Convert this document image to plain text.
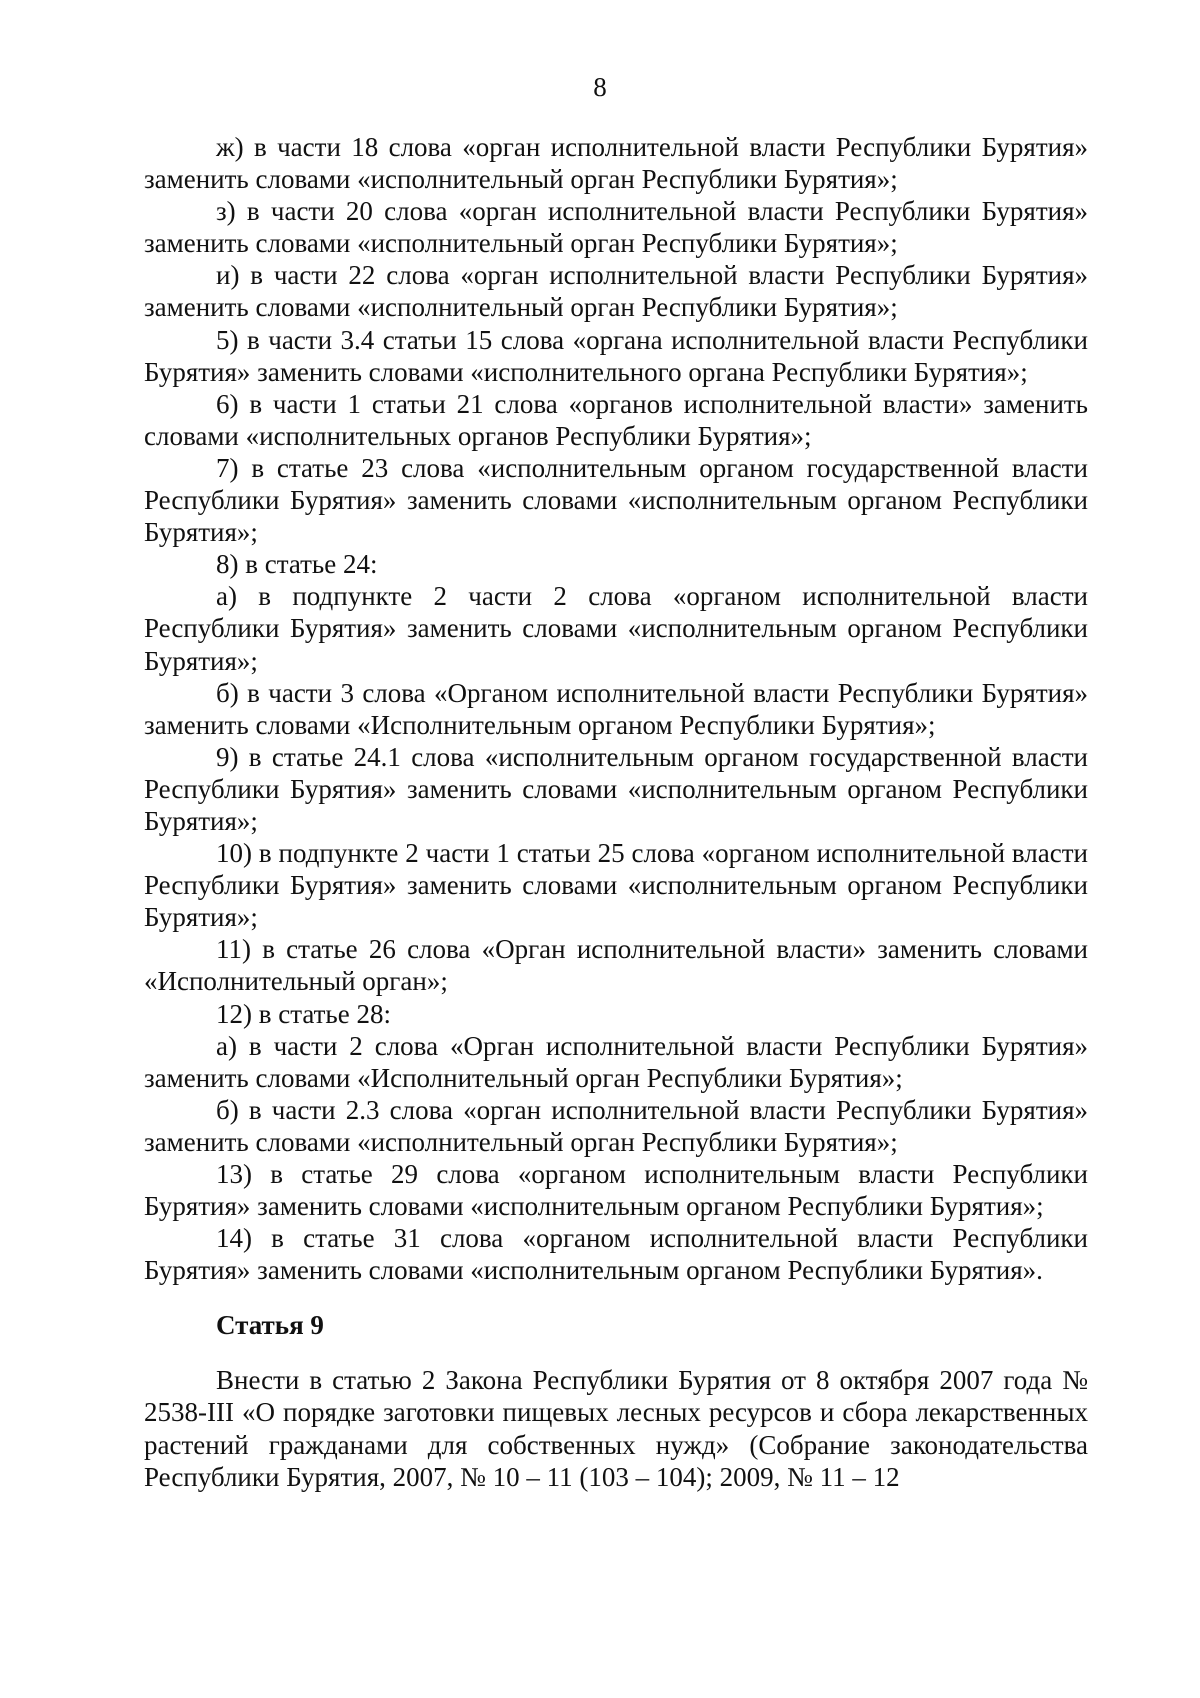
8

ж) в части 18 слова «орган исполнительной власти Республики Бурятия» заменить словами «исполнительный орган Республики Бурятия»;

з) в части 20 слова «орган исполнительной власти Республики Бурятия» заменить словами «исполнительный орган Республики Бурятия»;

и) в части 22 слова «орган исполнительной власти Республики Бурятия» заменить словами «исполнительный орган Республики Бурятия»;

5) в части 3.4 статьи 15 слова «органа исполнительной власти Республики Бурятия» заменить словами «исполнительного органа Республики Бурятия»;

6) в части 1 статьи 21 слова «органов исполнительной власти» заменить словами «исполнительных органов Республики Бурятия»;

7) в статье 23 слова «исполнительным органом государственной власти Республики Бурятия» заменить словами «исполнительным органом Республики Бурятия»;

8) в статье 24:

а) в подпункте 2 части 2 слова «органом исполнительной власти Республики Бурятия» заменить словами «исполнительным органом Республики Бурятия»;

б) в части 3 слова «Органом исполнительной власти Республики Бурятия» заменить словами «Исполнительным органом Республики Бурятия»;

9) в статье 24.1 слова «исполнительным органом государственной власти Республики Бурятия» заменить словами «исполнительным органом Республики Бурятия»;

10) в подпункте 2 части 1 статьи 25 слова «органом исполнительной власти Республики Бурятия» заменить словами «исполнительным органом Республики Бурятия»;

11) в статье 26 слова «Орган исполнительной власти» заменить словами «Исполнительный орган»;

12) в статье 28:

а) в части 2 слова «Орган исполнительной власти Республики Бурятия» заменить словами «Исполнительный орган Республики Бурятия»;

б) в части 2.3 слова «орган исполнительной власти Республики Бурятия» заменить словами «исполнительный орган Республики Бурятия»;

13) в статье 29 слова «органом исполнительным власти Республики Бурятия» заменить словами «исполнительным органом Республики Бурятия»;

14) в статье 31 слова «органом исполнительной власти Республики Бурятия» заменить словами «исполнительным органом Республики Бурятия».

Статья 9

Внести в статью 2 Закона Республики Бурятия от 8 октября 2007 года № 2538-III «О порядке заготовки пищевых лесных ресурсов и сбора лекарственных растений гражданами для собственных нужд» (Собрание законодательства Республики Бурятия, 2007, № 10 – 11 (103 – 104); 2009, № 11 – 12
